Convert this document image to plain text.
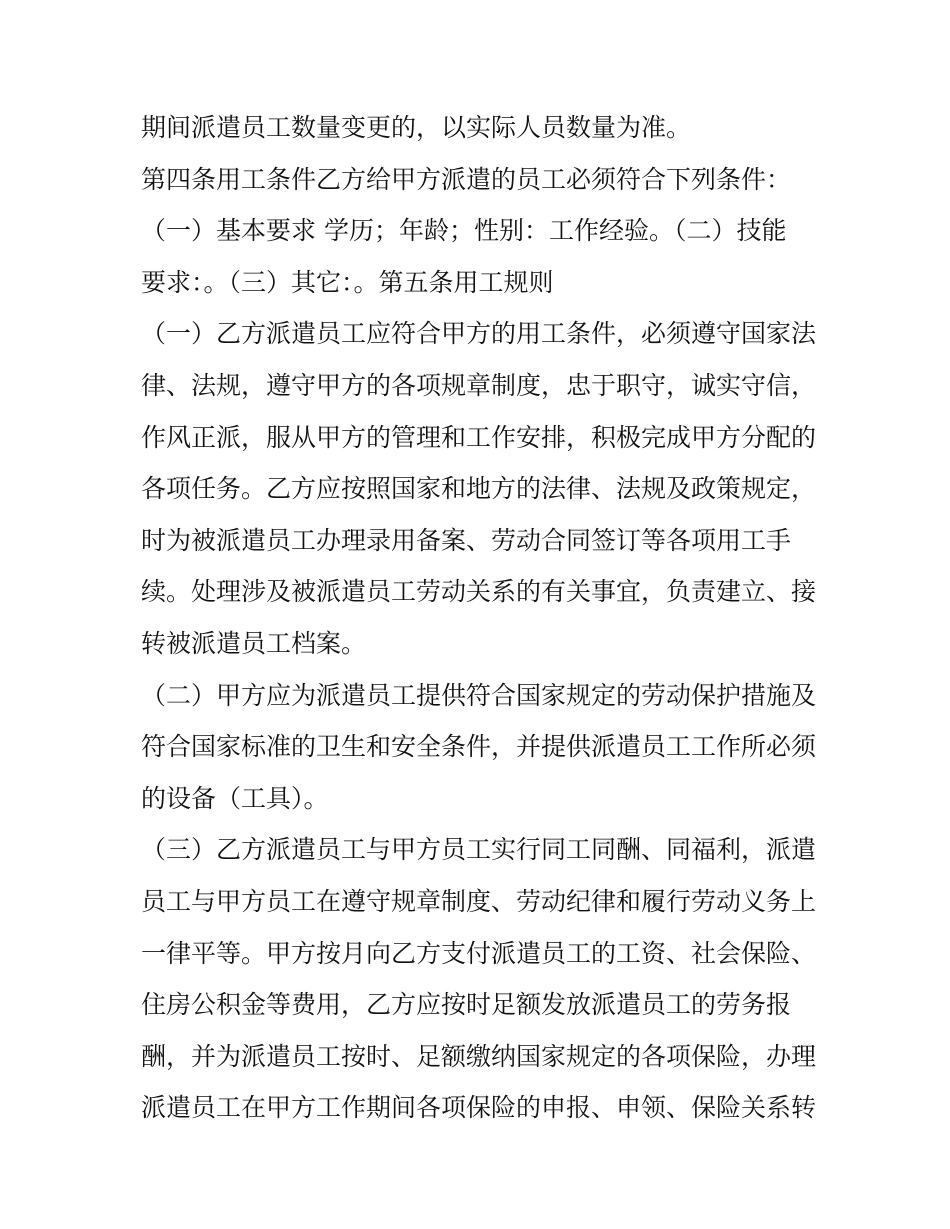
期间派遣员工数量变更的，以实际人员数量为准。
第四条用工条件乙方给甲方派遣的员工必须符合下列条件：
（一）基本要求 学历；年龄；性别：工作经验。（二）技能
要求：。（三）其它：。第五条用工规则
（一）乙方派遣员工应符合甲方的用工条件，必须遵守国家法
律、法规，遵守甲方的各项规章制度，忠于职守，诚实守信，
作风正派，服从甲方的管理和工作安排，积极完成甲方分配的
各项任务。乙方应按照国家和地方的法律、法规及政策规定，
时为被派遣员工办理录用备案、劳动合同签订等各项用工手
续。处理涉及被派遣员工劳动关系的有关事宜，负责建立、接
转被派遣员工档案。
（二）甲方应为派遣员工提供符合国家规定的劳动保护措施及
符合国家标准的卫生和安全条件，并提供派遣员工工作所必须
的设备（工具）。
（三）乙方派遣员工与甲方员工实行同工同酬、同福利，派遣
员工与甲方员工在遵守规章制度、劳动纪律和履行劳动义务上
一律平等。甲方按月向乙方支付派遣员工的工资、社会保险、
住房公积金等费用，乙方应按时足额发放派遣员工的劳务报
酬，并为派遣员工按时、足额缴纳国家规定的各项保险，办理
派遣员工在甲方工作期间各项保险的申报、申领、保险关系转
